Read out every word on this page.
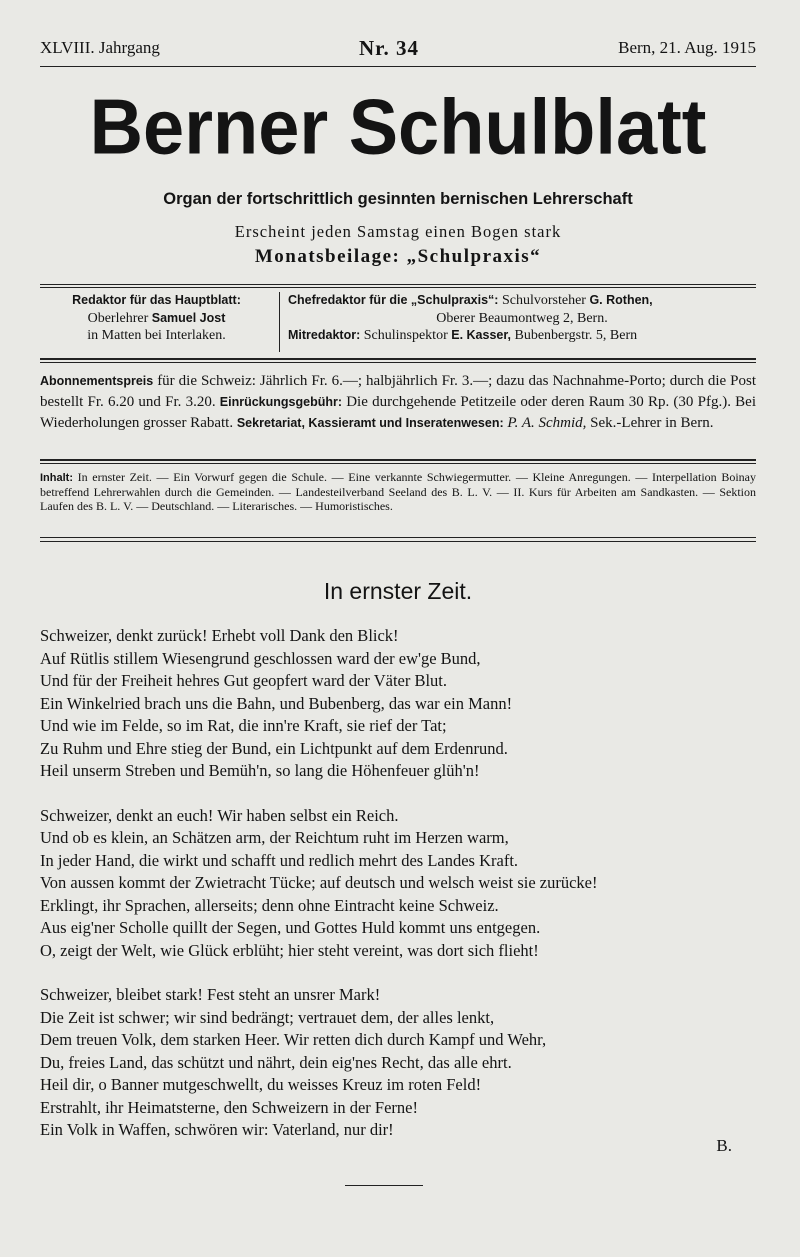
XLVIII. Jahrgang	Nr. 34	Bern, 21. Aug. 1915
Berner Schulblatt
Organ der fortschrittlich gesinnten bernischen Lehrerschaft
Erscheint jeden Samstag einen Bogen stark
Monatsbeilage: „Schulpraxis“
Redaktor für das Hauptblatt:
Oberlehrer Samuel Jost
in Matten bei Interlaken.
Chefredaktor für die „Schulpraxis“: Schulvorsteher G. Rothen,
Oberer Beaumontweg 2, Bern.
Mitredaktor: Schulinspektor E. Kasser, Bubenbergstr. 5, Bern
Abonnementspreis für die Schweiz: Jährlich Fr. 6.—; halbjährlich Fr. 3.—; dazu das Nachnahme-Porto; durch die Post bestellt Fr. 6.20 und Fr. 3.20. Einrückungsgebühr: Die durchgehende Petitzeile oder deren Raum 30 Rp. (30 Pfg.). Bei Wiederholungen grosser Rabatt. Sekretariat, Kassieramt und Inseratenwesen: P. A. Schmid, Sek.-Lehrer in Bern.
Inhalt: In ernster Zeit. — Ein Vorwurf gegen die Schule. — Eine verkannte Schwiegermutter. — Kleine Anregungen. — Interpellation Boinay betreffend Lehrerwahlen durch die Gemeinden. — Landesteilverband Seeland des B. L. V. — II. Kurs für Arbeiten am Sandkasten. — Sektion Laufen des B. L. V. — Deutschland. — Literarisches. — Humoristisches.
In ernster Zeit.
Schweizer, denkt zurück! Erhebt voll Dank den Blick!
Auf Rütlis stillem Wiesengrund geschlossen ward der ew'ge Bund,
Und für der Freiheit hehres Gut geopfert ward der Väter Blut.
Ein Winkelried brach uns die Bahn, und Bubenberg, das war ein Mann!
Und wie im Felde, so im Rat, die inn're Kraft, sie rief der Tat;
Zu Ruhm und Ehre stieg der Bund, ein Lichtpunkt auf dem Erdenrund.
Heil unserm Streben und Bemüh'n, so lang die Höhenfeuer glüh'n!
Schweizer, denkt an euch! Wir haben selbst ein Reich.
Und ob es klein, an Schätzen arm, der Reichtum ruht im Herzen warm,
In jeder Hand, die wirkt und schafft und redlich mehrt des Landes Kraft.
Von aussen kommt der Zwietracht Tücke; auf deutsch und welsch weist sie zurücke!
Erklingt, ihr Sprachen, allerseits; denn ohne Eintracht keine Schweiz.
Aus eig'ner Scholle quillt der Segen, und Gottes Huld kommt uns entgegen.
O, zeigt der Welt, wie Glück erblüht; hier steht vereint, was dort sich flieht!
Schweizer, bleibet stark! Fest steht an unsrer Mark!
Die Zeit ist schwer; wir sind bedrängt; vertrauet dem, der alles lenkt,
Dem treuen Volk, dem starken Heer. Wir retten dich durch Kampf und Wehr,
Du, freies Land, das schützt und nährt, dein eig'nes Recht, das alle ehrt.
Heil dir, o Banner mutgeschwellt, du weisses Kreuz im roten Feld!
Erstrahlt, ihr Heimatsterne, den Schweizern in der Ferne!
Ein Volk in Waffen, schwören wir: Vaterland, nur dir!
B.
